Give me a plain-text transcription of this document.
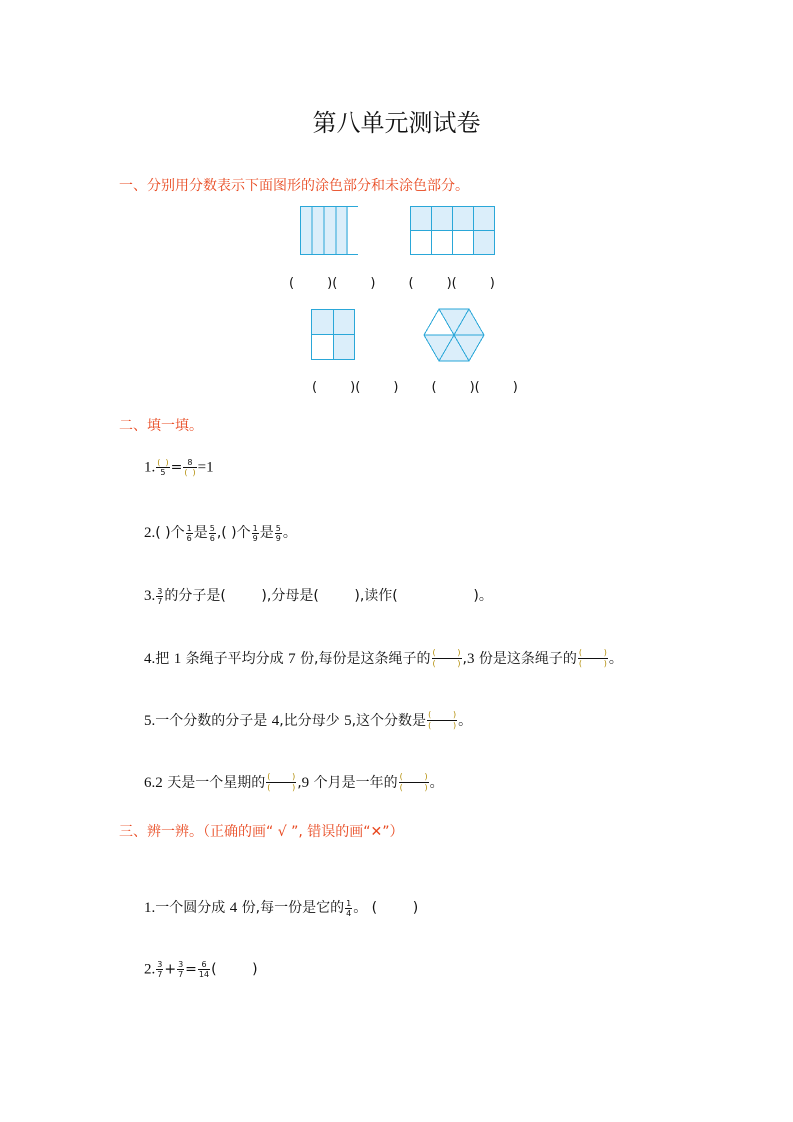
第八单元测试卷
一、分别用分数表示下面图形的涂色部分和未涂色部分。
(        )(        )        (        )(        )
(        )(        )        (        )(        )
二、填一填。
1. $\frac{( )}{5} = \frac{8}{( )} =1$
2.( )个 $\frac{1}{6}$ 是 $\frac{5}{6}$ ,( )个 $\frac{1}{9}$ 是 $\frac{5}{9}$ 。
3. $\frac{3}{7}$ 的分子是(        ),分母是(        ),读作(                 )。
4.把 1 条绳子平均分成 7 份,每份是这条绳子的 (	)
(	) ,3 份是这条绳子的 (	)
(	) 。
5.一个分数的分子是 4,比分母少 5,这个分数是 (	)
(	) 。
6.2 天是一个星期的 (	)
(	) ,9 个月是一年的 (	)
(	) 。
三、辨一辨。（正确的画“ √ ”, 错误的画“✕”）
1.一个圆分成 4 份,每一份是它的 $\frac{1}{4}$ 。 (        )
2. $\frac{3}{7} + \frac{3}{7} = \frac{6}{14}$ (        )
